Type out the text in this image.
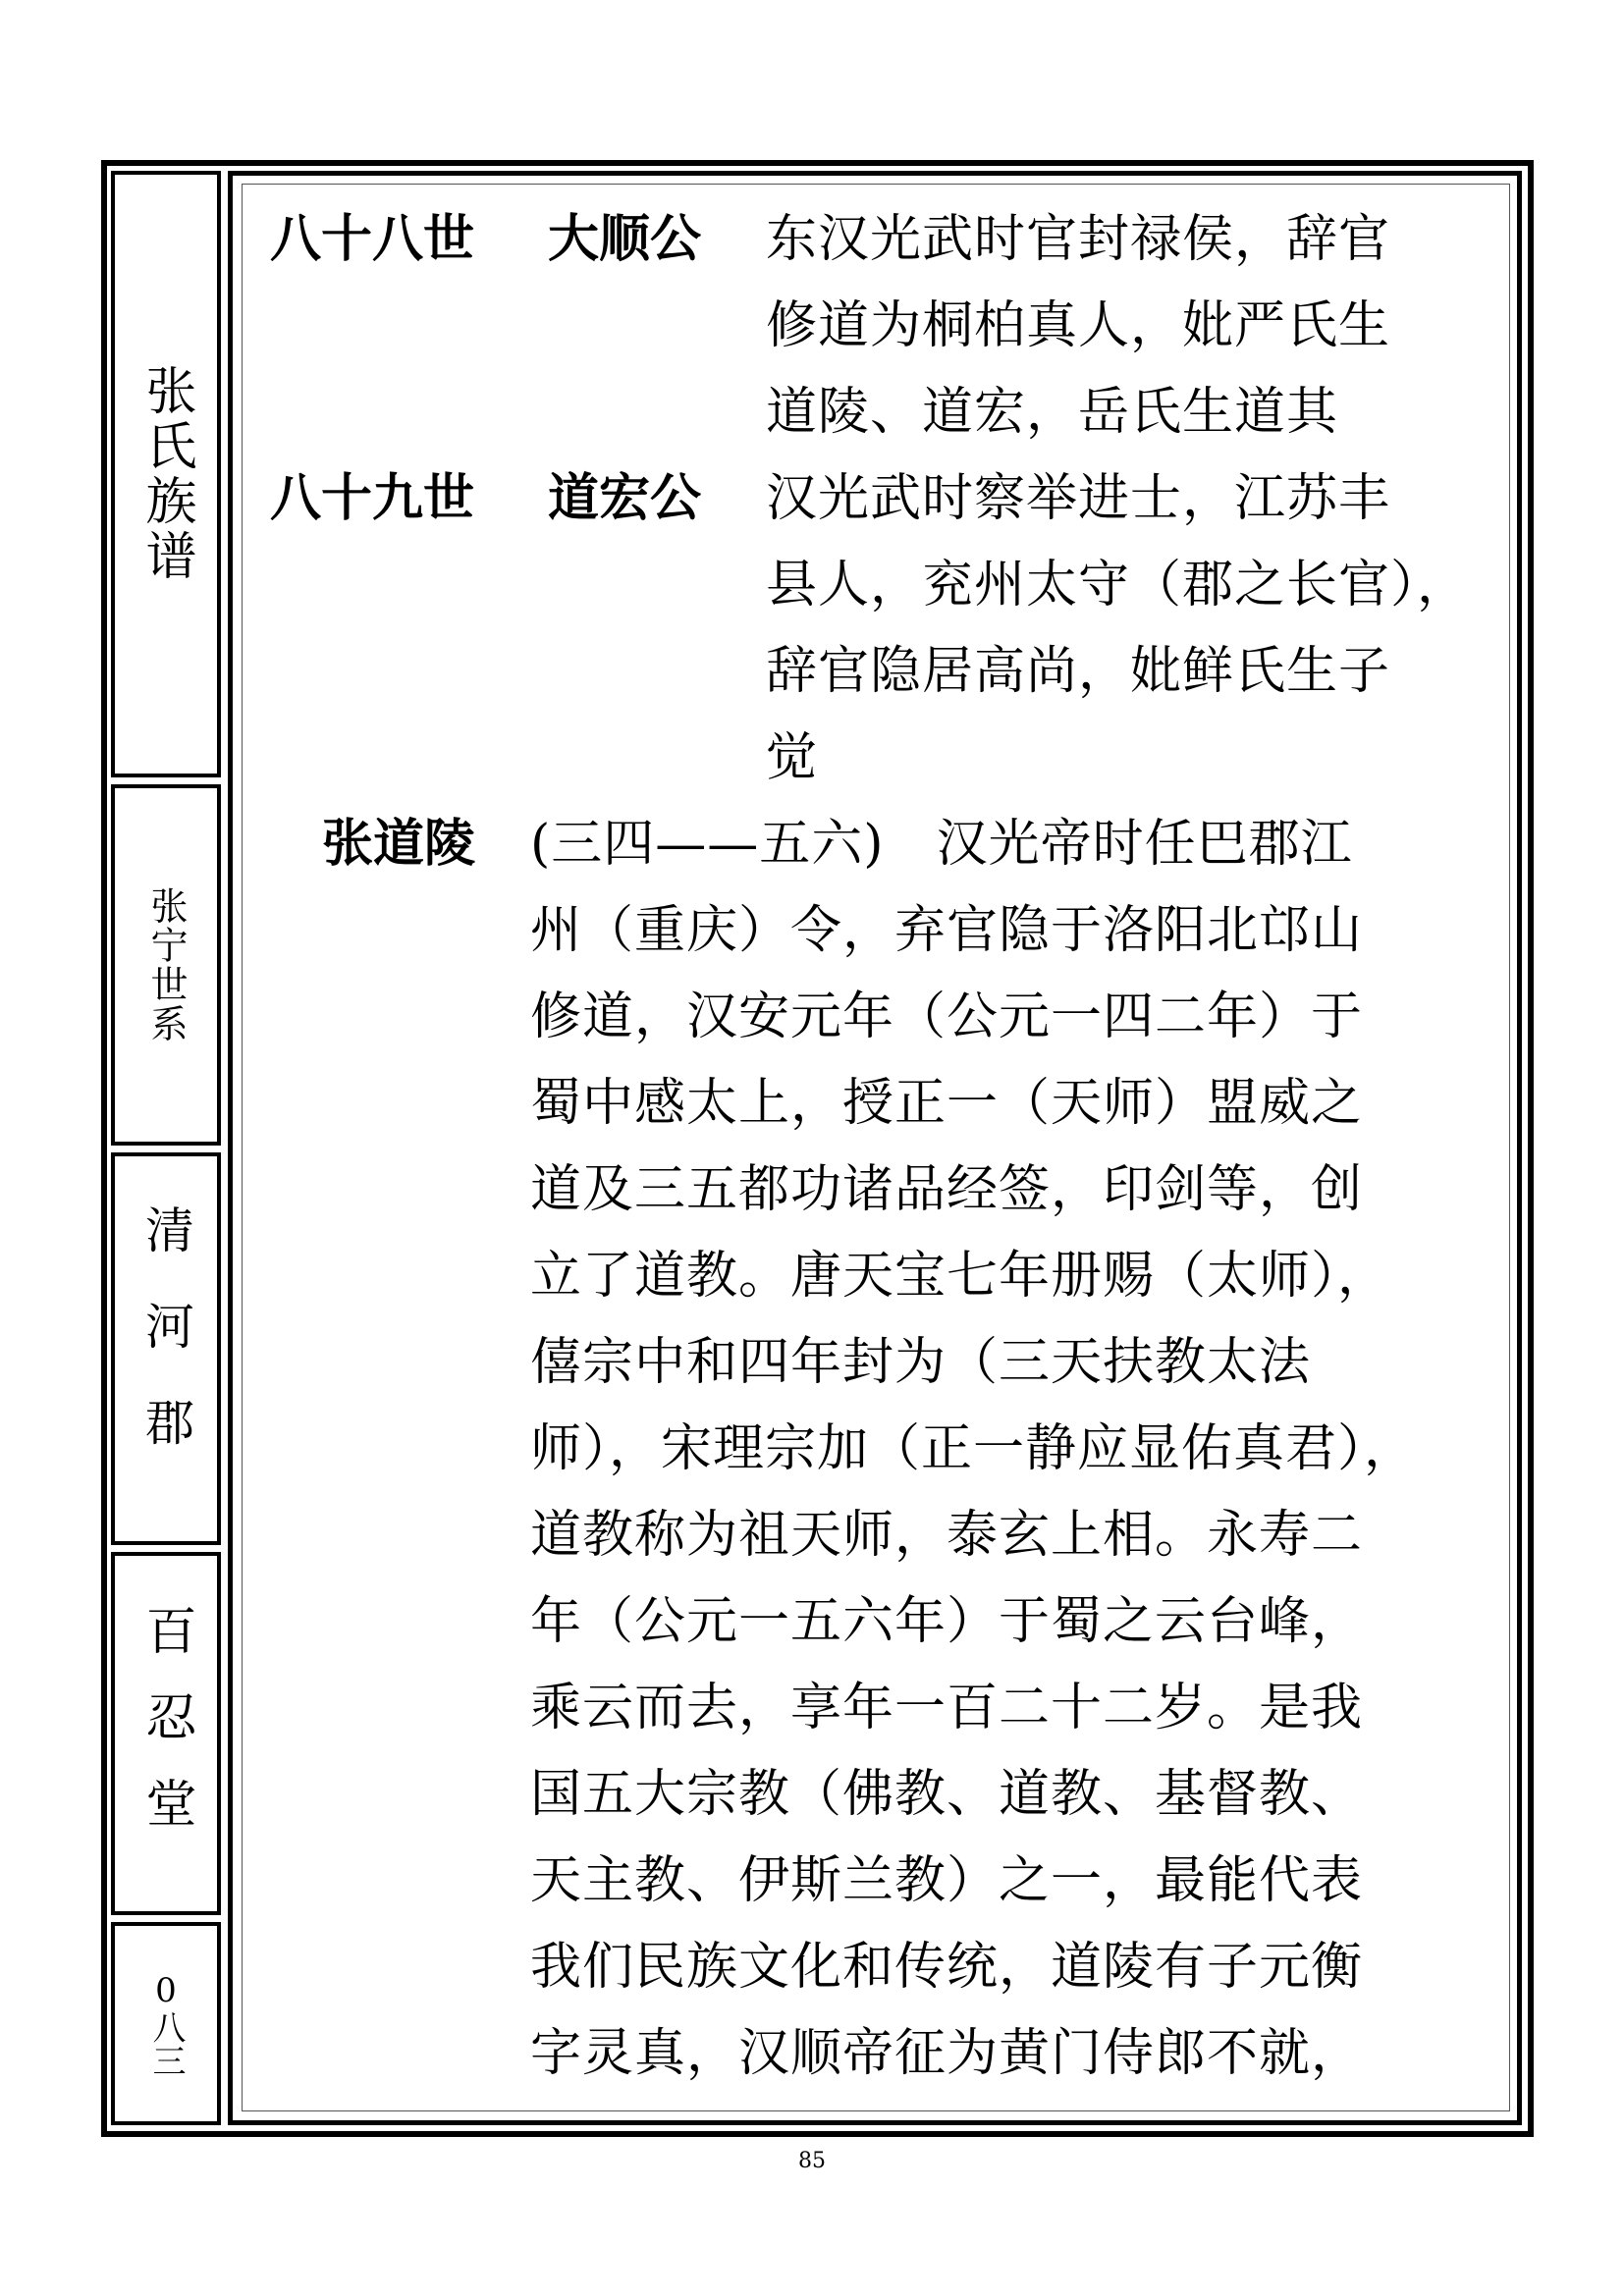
张氏族谱
张宁世系
清河郡
百忍堂
0八三
八十八世 大顺公 东汉光武时官封禄侯，辞官
修道为桐柏真人，妣严氏生
道陵、道宏，岳氏生道其
八十九世 道宏公 汉光武时察举进士，江苏丰
县人，兖州太守（郡之长官），
辞官隐居高尚，妣鲜氏生子
觉
张道陵 (三四——五六)　汉光帝时任巴郡江
州（重庆）令，弃官隐于洛阳北邙山
修道，汉安元年（公元一四二年）于
蜀中感太上，授正一（天师）盟威之
道及三五都功诸品经签，印剑等，创
立了道教。唐天宝七年册赐（太师），
僖宗中和四年封为（三天扶教太法
师），宋理宗加（正一静应显佑真君），
道教称为祖天师，泰玄上相。永寿二
年（公元一五六年）于蜀之云台峰，
乘云而去，享年一百二十二岁。是我
国五大宗教（佛教、道教、基督教、
天主教、伊斯兰教）之一，最能代表
我们民族文化和传统，道陵有子元衡
字灵真，汉顺帝征为黄门侍郎不就，
85
